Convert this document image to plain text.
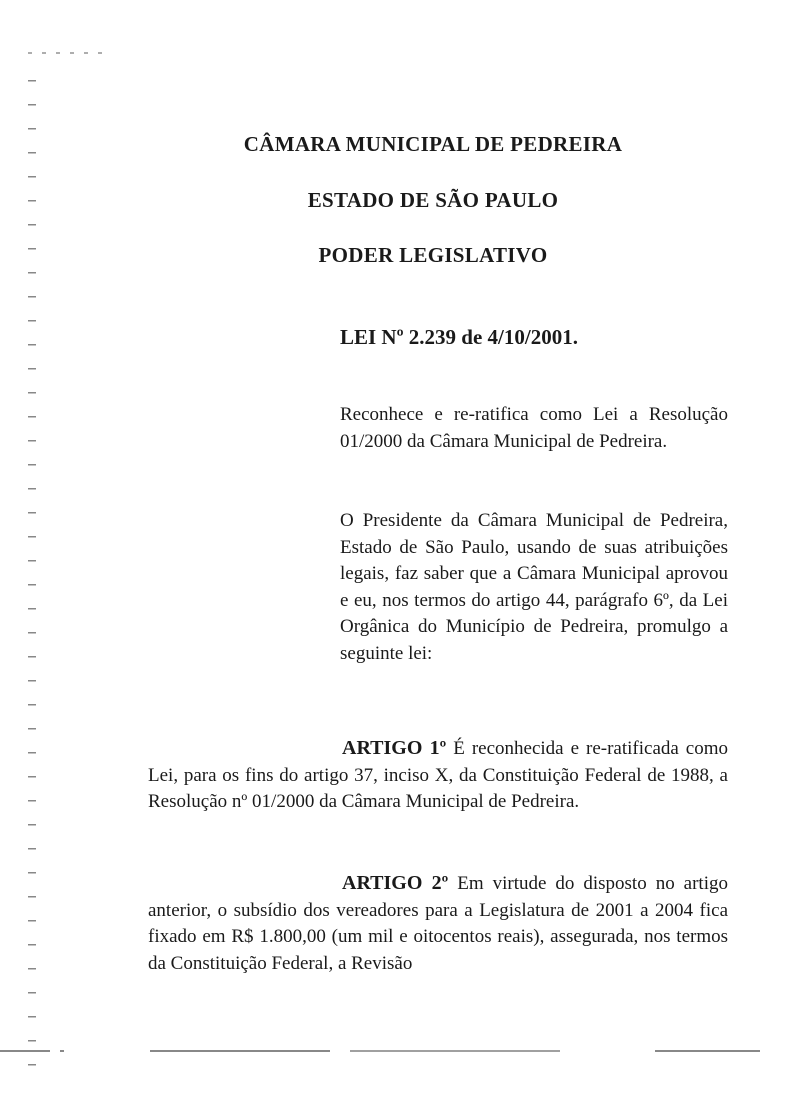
CÂMARA MUNICIPAL DE PEDREIRA
ESTADO DE SÃO PAULO
PODER LEGISLATIVO
LEI Nº 2.239 de 4/10/2001.
Reconhece e re-ratifica como Lei a Resolução 01/2000 da Câmara Municipal de Pedreira.
O Presidente da Câmara Municipal de Pedreira, Estado de São Paulo, usando de suas atribuições legais, faz saber que a Câmara Municipal aprovou e eu, nos termos do artigo 44, parágrafo 6º, da Lei Orgânica do Município de Pedreira, promulgo a seguinte lei:
ARTIGO 1º É reconhecida e re-ratificada como Lei, para os fins do artigo 37, inciso X, da Constituição Federal de 1988, a Resolução nº 01/2000 da Câmara Municipal de Pedreira.
ARTIGO 2º Em virtude do disposto no artigo anterior, o subsídio dos vereadores para a Legislatura de 2001 a 2004 fica fixado em R$ 1.800,00 (um mil e oitocentos reais), assegurada, nos termos da Constituição Federal, a Revisão
